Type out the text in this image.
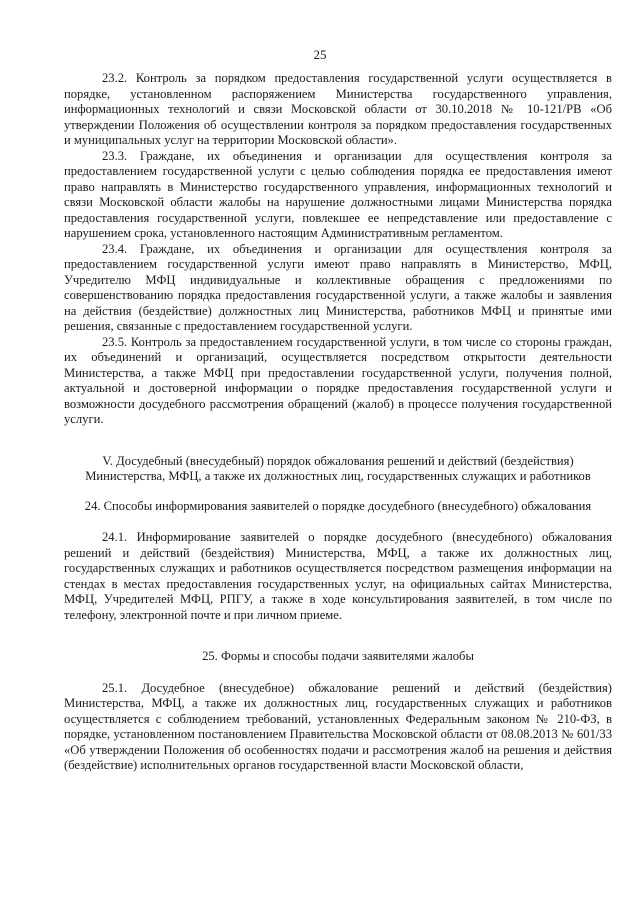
25

23.2. Контроль за порядком предоставления государственной услуги осуществляется в порядке, установленном распоряжением Министерства государственного управления, информационных технологий и связи Московской области от 30.10.2018 № 10-121/РВ «Об утверждении Положения об осуществлении контроля за порядком предоставления государственных и муниципальных услуг на территории Московской области».

23.3. Граждане, их объединения и организации для осуществления контроля за предоставлением государственной услуги с целью соблюдения порядка ее предоставления имеют право направлять в Министерство государственного управления, информационных технологий и связи Московской области жалобы на нарушение должностными лицами Министерства порядка предоставления государственной услуги, повлекшее ее непредставление или предоставление с нарушением срока, установленного настоящим Административным регламентом.

23.4. Граждане, их объединения и организации для осуществления контроля за предоставлением государственной услуги имеют право направлять в Министерство, МФЦ, Учредителю МФЦ индивидуальные и коллективные обращения с предложениями по совершенствованию порядка предоставления государственной услуги, а также жалобы и заявления на действия (бездействие) должностных лиц Министерства, работников МФЦ и принятые ими решения, связанные с предоставлением государственной услуги.

23.5. Контроль за предоставлением государственной услуги, в том числе со стороны граждан, их объединений и организаций, осуществляется посредством открытости деятельности Министерства, а также МФЦ при предоставлении государственной услуги, получения полной, актуальной и достоверной информации о порядке предоставления государственной услуги и возможности досудебного рассмотрения обращений (жалоб) в процессе получения государственной услуги.

V. Досудебный (внесудебный) порядок обжалования решений и действий (бездействия)

Министерства, МФЦ, а также их должностных лиц, государственных служащих и работников

24. Способы информирования заявителей о порядке досудебного (внесудебного) обжалования

24.1. Информирование заявителей о порядке досудебного (внесудебного) обжалования решений и действий (бездействия) Министерства, МФЦ, а также их должностных лиц, государственных служащих и работников осуществляется посредством размещения информации на стендах в местах предоставления государственных услуг, на официальных сайтах Министерства, МФЦ, Учредителей МФЦ, РПГУ, а также в ходе консультирования заявителей, в том числе по телефону, электронной почте и при личном приеме.

25. Формы и способы подачи заявителями жалобы

25.1. Досудебное (внесудебное) обжалование решений и действий (бездействия) Министерства, МФЦ, а также их должностных лиц, государственных служащих и работников осуществляется с соблюдением требований, установленных Федеральным законом № 210-ФЗ, в порядке, установленном постановлением Правительства Московской области от 08.08.2013 № 601/33 «Об утверждении Положения об особенностях подачи и рассмотрения жалоб на решения и действия (бездействие) исполнительных органов государственной власти Московской области,
